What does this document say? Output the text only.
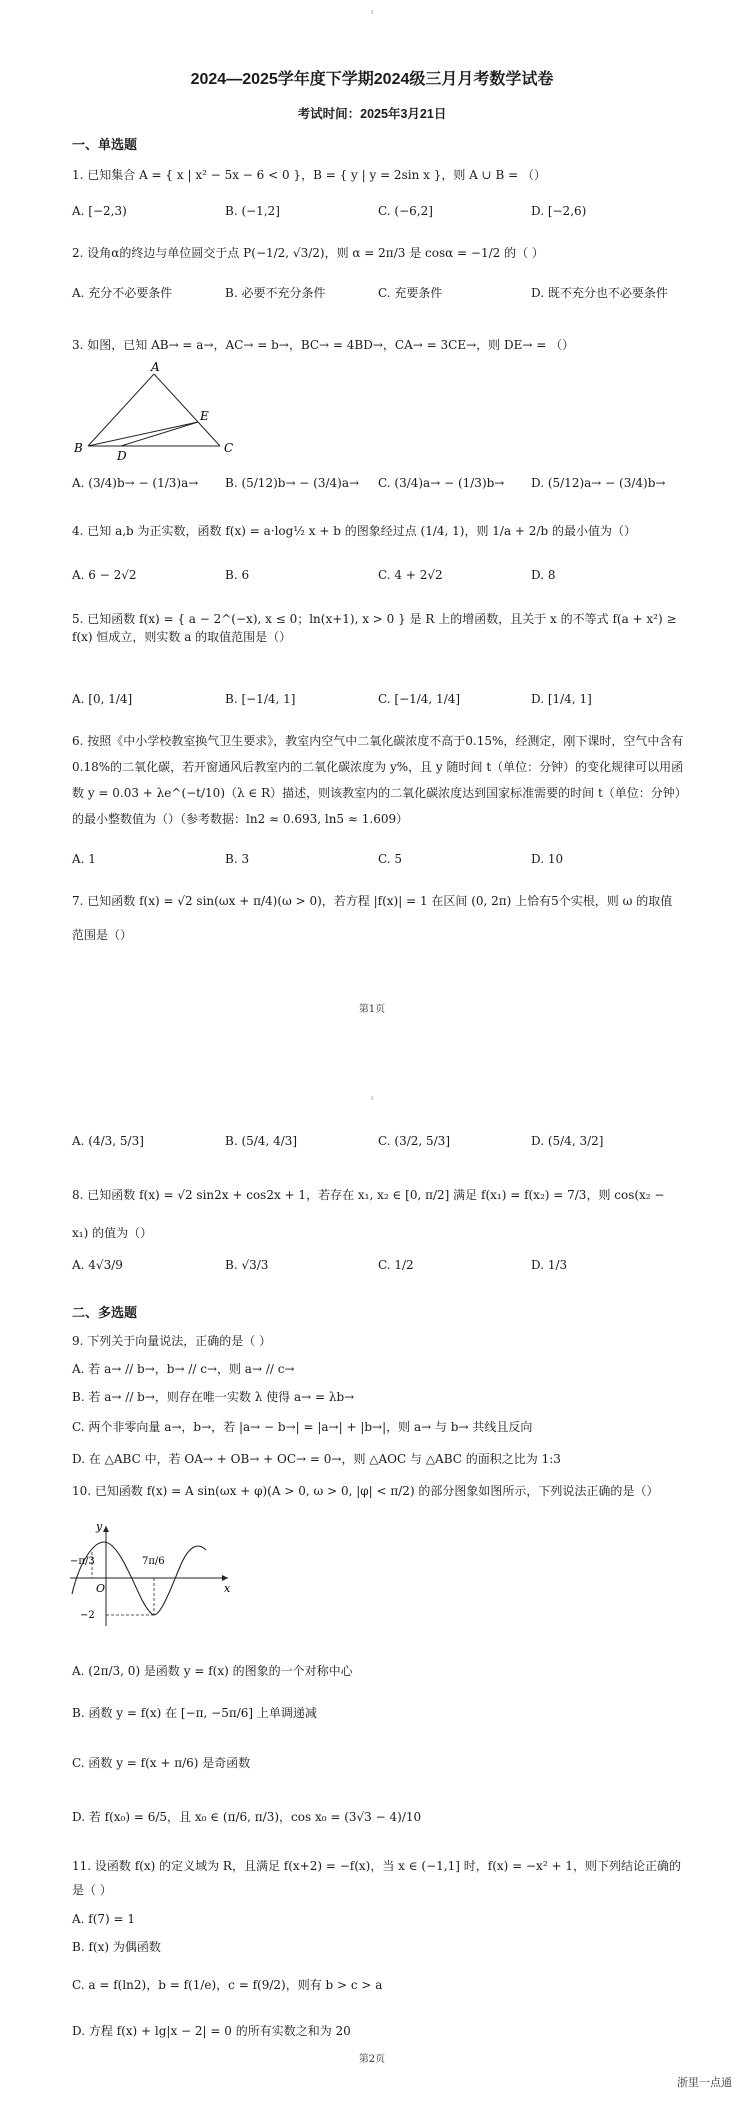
ı
2024—2025学年度下学期2024级三月月考数学试卷
考试时间：2025年3月21日
一、单选题
1. 已知集合 A = { x | x² − 5x − 6 < 0 }，B = { y | y = 2sin x }，则 A ∪ B = （）
A. [−2,3)	B. (−1,2]	C. (−6,2]	D. [−2,6)
2. 设角α的终边与单位圆交于点 P(−1/2, √3/2)，则 α = 2π/3 是 cosα = −1/2 的（ ）
A. 充分不必要条件	B. 必要不充分条件	C. 充要条件	D. 既不充分也不必要条件
3. 如图，已知 AB→ = a→，AC→ = b→，BC→ = 4BD→，CA→ = 3CE→，则 DE→ = （）
A
B	C
D
E
A. (3/4)b→ − (1/3)a→ B. (5/12)b→ − (3/4)a→ C. (3/4)a→ − (1/3)b→ D. (5/12)a→ − (3/4)b→
4. 已知 a,b 为正实数，函数 f(x) = a·log½ x + b 的图象经过点 (1/4, 1)，则 1/a + 2/b 的最小值为（）
A. 6 − 2√2	B. 6	C. 4 + 2√2	D. 8
5. 已知函数 f(x) = { a − 2^(−x), x ≤ 0；ln(x+1), x > 0 } 是 R 上的增函数，且关于 x 的不等式 f(a + x²) ≥ f(x) 恒成立，则实数 a 的取值范围是（）
A. [0, 1/4]	B. [−1/4, 1]	C. [−1/4, 1/4]	D. [1/4, 1]
6. 按照《中小学校教室换气卫生要求》，教室内空气中二氧化碳浓度不高于0.15%，经测定，刚下课时，空气中含有0.18%的二氧化碳，若开窗通风后教室内的二氧化碳浓度为 y%，且 y 随时间 t（单位：分钟）的变化规律可以用函数 y = 0.03 + λe^(−t/10)（λ ∈ R）描述，则该教室内的二氧化碳浓度达到国家标准需要的时间 t（单位：分钟）的最小整数值为（）（参考数据：ln2 ≈ 0.693, ln5 ≈ 1.609）
A. 1	B. 3	C. 5	D. 10
7. 已知函数 f(x) = √2 sin(ωx + π/4)(ω > 0)，若方程 |f(x)| = 1 在区间 (0, 2π) 上恰有5个实根，则 ω 的取值范围是（）
第1页
ı
A. (4/3, 5/3]	B. (5/4, 4/3]	C. (3/2, 5/3]	D. (5/4, 3/2]
8. 已知函数 f(x) = √2 sin2x + cos2x + 1，若存在 x₁, x₂ ∈ [0, π/2] 满足 f(x₁) = f(x₂) = 7/3，则 cos(x₂ − x₁) 的值为（）
A. 4√3/9	B. √3/3	C. 1/2	D. 1/3
二、多选题
9. 下列关于向量说法，正确的是（ ）
A. 若 a→ // b→，b→ // c→，则 a→ // c→
B. 若 a→ // b→，则存在唯一实数 λ 使得 a→ = λb→
C. 两个非零向量 a→，b→，若 |a→ − b→| = |a→| + |b→|，则 a→ 与 b→ 共线且反向
D. 在 △ABC 中，若 OA→ + OB→ + OC→ = 0→，则 △AOC 与 △ABC 的面积之比为 1:3
10. 已知函数 f(x) = A sin(ωx + φ)(A > 0, ω > 0, |φ| < π/2) 的部分图象如图所示，下列说法正确的是（）
y
x
O
−π/3	7π/6
−2
A. (2π/3, 0) 是函数 y = f(x) 的图象的一个对称中心
B. 函数 y = f(x) 在 [−π, −5π/6] 上单调递减
C. 函数 y = f(x + π/6) 是奇函数
D. 若 f(x₀) = 6/5，且 x₀ ∈ (π/6, π/3)，cos x₀ = (3√3 − 4)/10
11. 设函数 f(x) 的定义域为 R，且满足 f(x+2) = −f(x)，当 x ∈ (−1,1] 时，f(x) = −x² + 1，则下列结论正确的是（ ）
A. f(7) = 1
B. f(x) 为偶函数
C. a = f(ln2)，b = f(1/e)，c = f(9/2)，则有 b > c > a
D. 方程 f(x) + lg|x − 2| = 0 的所有实数之和为 20
第2页
浙里一点通
